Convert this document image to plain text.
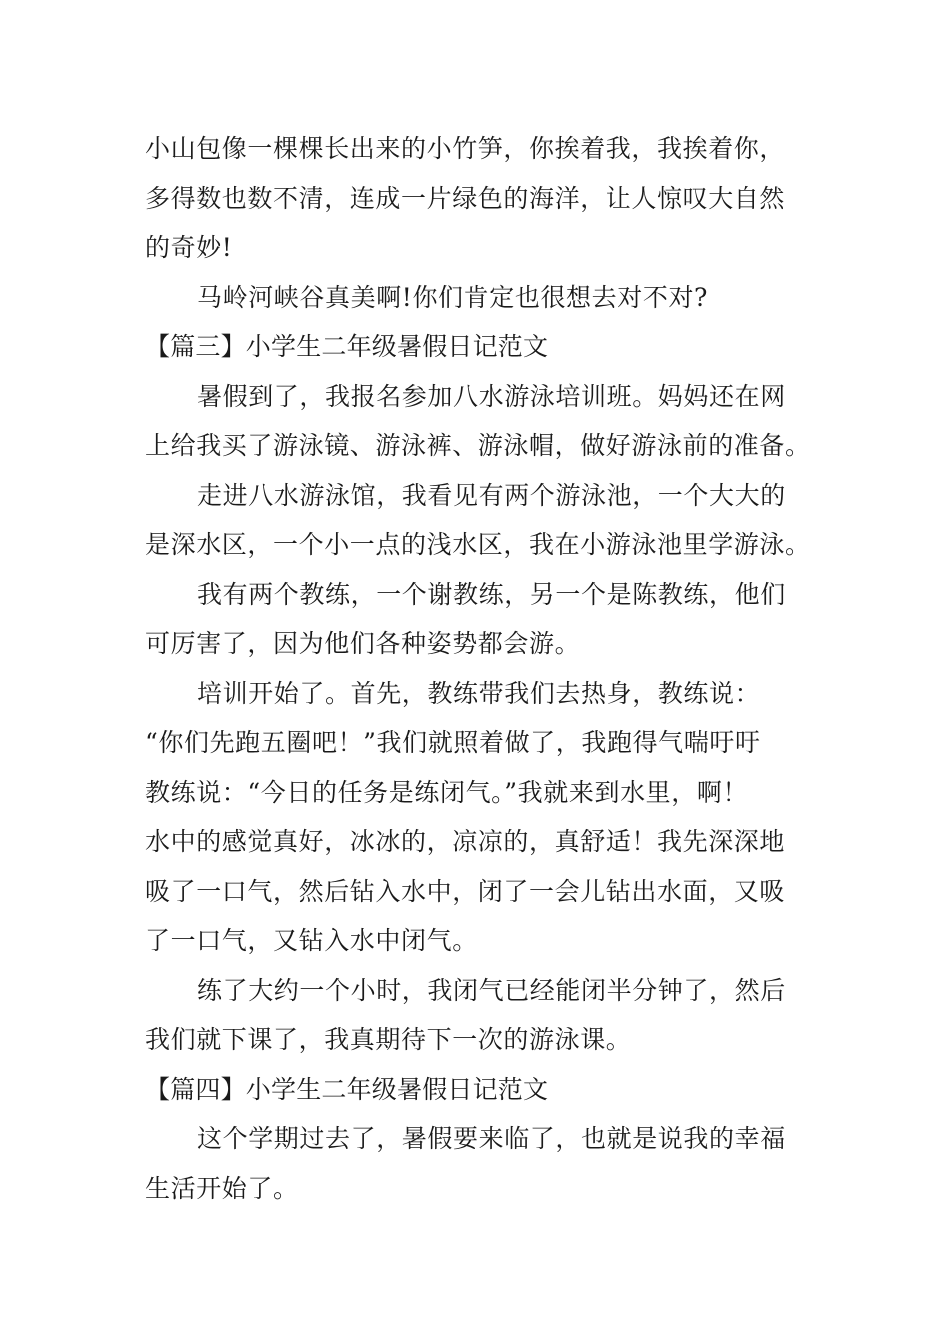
小山包像一棵棵长出来的小竹笋，你挨着我，我挨着你，
多得数也数不清，连成一片绿色的海洋，让人惊叹大自然
的奇妙!
马岭河峡谷真美啊!你们肯定也很想去对不对?
【篇三】小学生二年级暑假日记范文
暑假到了，我报名参加八水游泳培训班。妈妈还在网
上给我买了游泳镜、游泳裤、游泳帽，做好游泳前的准备。
走进八水游泳馆，我看见有两个游泳池，一个大大的
是深水区，一个小一点的浅水区，我在小游泳池里学游泳。
我有两个教练，一个谢教练，另一个是陈教练，他们
可厉害了，因为他们各种姿势都会游。
培训开始了。首先，教练带我们去热身，教练说：
“你们先跑五圈吧！”我们就照着做了，我跑得气喘吁吁
教练说：“今日的任务是练闭气。”我就来到水里，啊！
水中的感觉真好，冰冰的，凉凉的，真舒适！我先深深地
吸了一口气，然后钻入水中，闭了一会儿钻出水面，又吸
了一口气，又钻入水中闭气。
练了大约一个小时，我闭气已经能闭半分钟了，然后
我们就下课了，我真期待下一次的游泳课。
【篇四】小学生二年级暑假日记范文
这个学期过去了，暑假要来临了，也就是说我的幸福
生活开始了。
